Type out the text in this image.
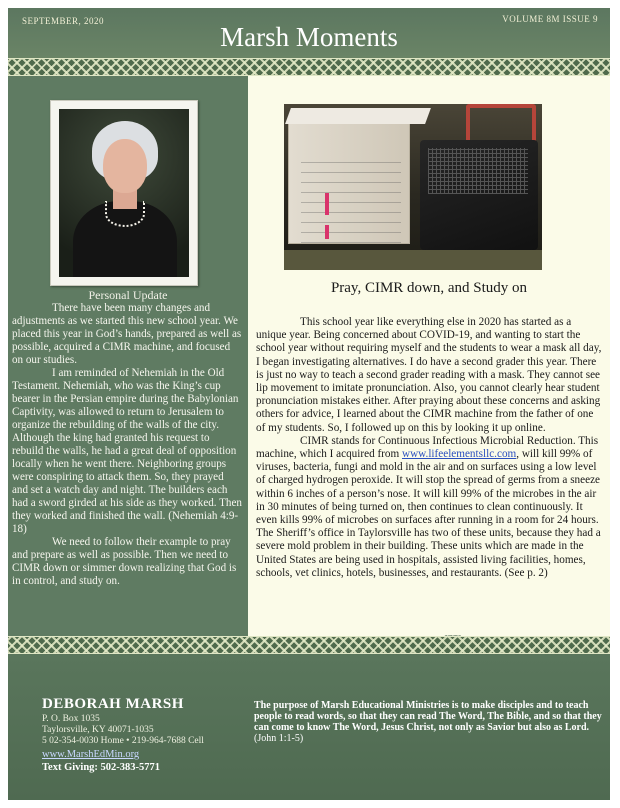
SEPTEMBER, 2020
Marsh Moments
VOLUME 8M ISSUE 9
Personal Update

There have been many changes and adjustments as we started this new school year. We placed this year in God’s hands, prepared as well as possible, acquired a CIMR machine, and focused on our studies.

I am reminded of Nehemiah in the Old Testament. Nehemiah, who was the King’s cup bearer in the Persian empire during the Babylonian Captivity, was allowed to return to Jerusalem to organize the rebuilding of the walls of the city. Although the king had granted his request to rebuild the walls, he had a great deal of opposition locally when he went there. Neighboring groups were conspiring to attack them. So, they prayed and set a watch day and night. The builders each had a sword girded at his side as they worked. Then they worked and finished the wall. (Nehemiah 4:9-18)

We need to follow their example to pray and prepare as well as possible. Then we need to CIMR down or simmer down realizing that God is in control, and study on.

Pray, CIMR down, and Study on

This school year like everything else in 2020 has started as a unique year. Being concerned about COVID-19, and wanting to start the school year without requiring myself and the students to wear a mask all day, I began investigating alternatives. I do have a second grader this year. There is just no way to teach a second grader reading with a mask. They cannot see lip movement to imitate pronunciation. Also, you cannot clearly hear student pronunciation mistakes either. After praying about these concerns and asking others for advice, I learned about the CIMR machine from the father of one of my students. So, I followed up on this by looking it up online.

CIMR stands for Continuous Infectious Microbial Reduction. This machine, which I acquired from www.lifeelementsllc.com, will kill 99% of viruses, bacteria, fungi and mold in the air and on surfaces using a low level of charged hydrogen peroxide. It will stop the spread of germs from a sneeze within 6 inches of a person’s nose. It will kill 99% of the microbes in the air in 30 minutes of being turned on, then continues to clean continuously. It even kills 99% of microbes on surfaces after running in a room for 24 hours. The Sheriff’s office in Taylorsville has two of these units, because they had a severe mold problem in their building. These units which are made in the United States are being used in hospitals, assisted living facilities, homes, schools, vet clinics, hotels, businesses, and restaurants. (See p. 2)

DEBORAH MARSH
P. O. Box 1035
Taylorsville, KY 40071-1035
5 02-354-0030 Home • 219-964-7688 Cell
www.MarshEdMin.org
Text Giving: 502-383-5771
The purpose of Marsh Educational Ministries is to make disciples and to teach people to read words, so that they can read The Word, The Bible, and so that they can come to know The Word, Jesus Christ, not only as Savior but also as Lord. (John 1:1-5)
